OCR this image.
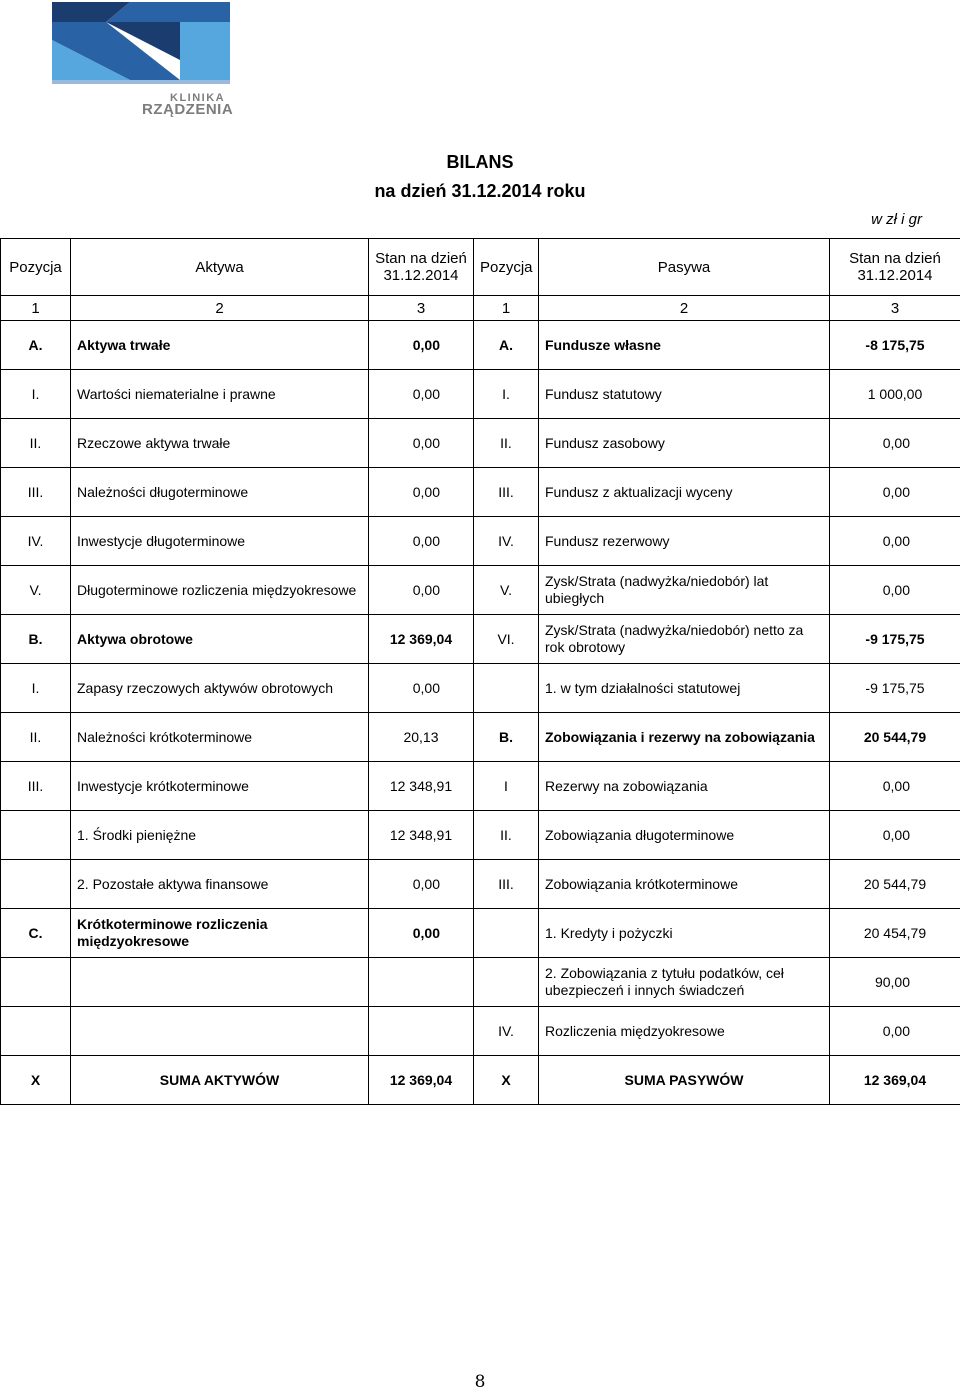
KLINIKA
RZĄDZENIA
BILANS
na dzień 31.12.2014 roku
w zł i gr
Pozycja	Aktywa	Stan na dzień 31.12.2014	Pozycja	Pasywa	Stan na dzień 31.12.2014
1	2	3	1	2	3
A.	Aktywa trwałe	0,00	A.	Fundusze własne	-8 175,75
I.	Wartości niematerialne i prawne	0,00	I.	Fundusz statutowy	1 000,00
II.	Rzeczowe aktywa trwałe	0,00	II.	Fundusz zasobowy	0,00
III.	Należności długoterminowe	0,00	III.	Fundusz z aktualizacji wyceny	0,00
IV.	Inwestycje długoterminowe	0,00	IV.	Fundusz rezerwowy	0,00
V.	Długoterminowe rozliczenia międzyokresowe	0,00	V.	Zysk/Strata (nadwyżka/niedobór) lat ubiegłych	0,00
B.	Aktywa obrotowe	12 369,04	VI.	Zysk/Strata (nadwyżka/niedobór) netto za rok obrotowy	-9 175,75
I.	Zapasy rzeczowych aktywów obrotowych	0,00		1. w tym działalności statutowej	-9 175,75
II.	Należności krótkoterminowe	20,13	B.	Zobowiązania i rezerwy na zobowiązania	20 544,79
III.	Inwestycje krótkoterminowe	12 348,91	I	Rezerwy na zobowiązania	0,00
	1. Środki pieniężne	12 348,91	II.	Zobowiązania długoterminowe	0,00
	2. Pozostałe aktywa finansowe	0,00	III.	Zobowiązania krótkoterminowe	20 544,79
C.	Krótkoterminowe rozliczenia międzyokresowe	0,00		1. Kredyty i pożyczki	20 454,79
				2. Zobowiązania z tytułu podatków, ceł ubezpieczeń i innych świadczeń	90,00
			IV.	Rozliczenia międzyokresowe	0,00
X	SUMA AKTYWÓW	12 369,04	X	SUMA PASYWÓW	12 369,04
8
